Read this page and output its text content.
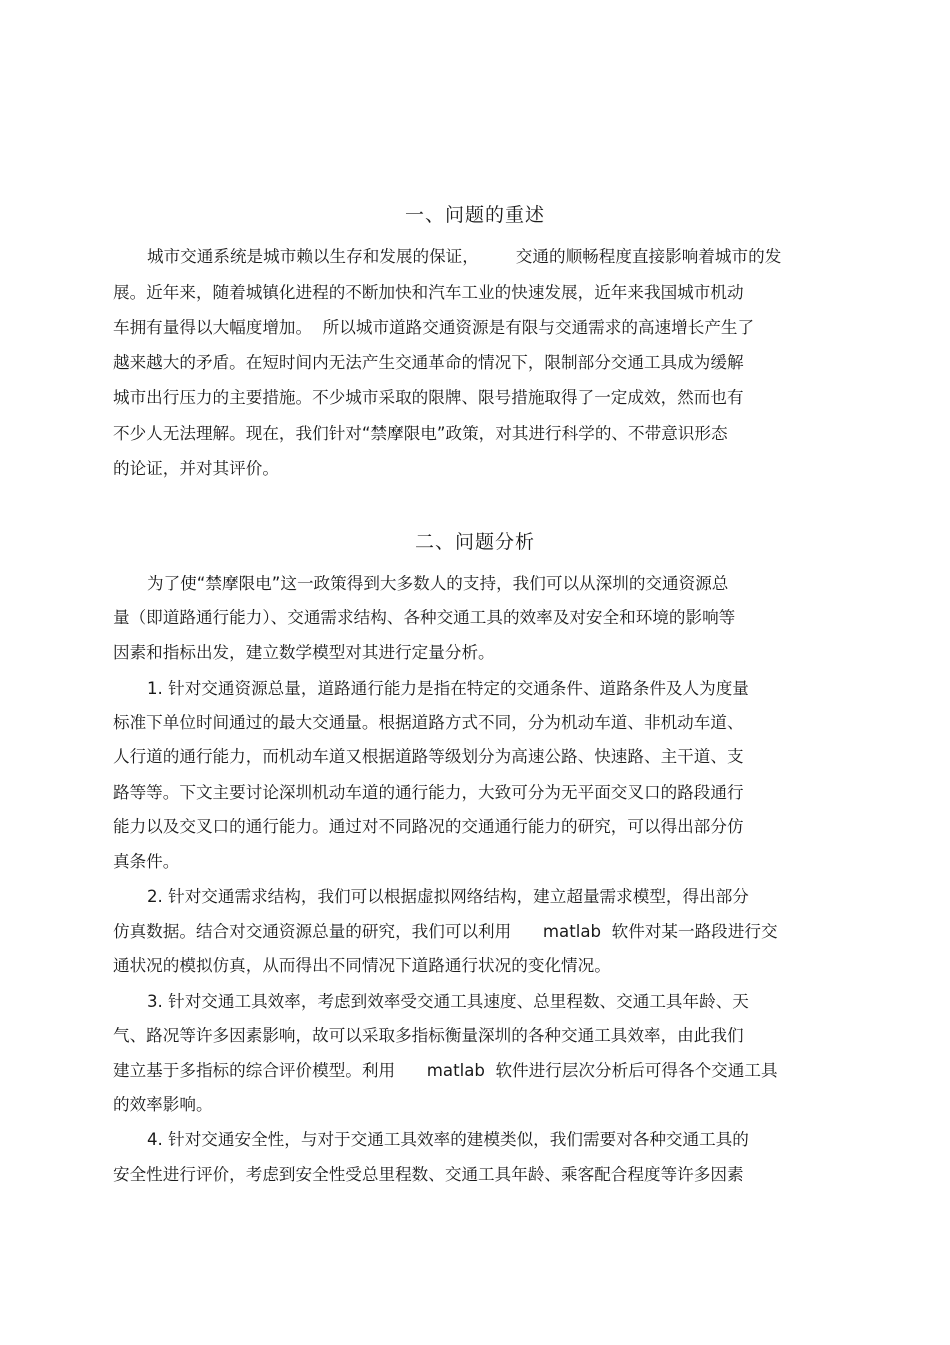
一、问题的重述
城市交通系统是城市赖以生存和发展的保证，       交通的顺畅程度直接影响着城市的发
展。近年来，随着城镇化进程的不断加快和汽车工业的快速发展，近年来我国城市机动
车拥有量得以大幅度增加。  所以城市道路交通资源是有限与交通需求的高速增长产生了
越来越大的矛盾。在短时间内无法产生交通革命的情况下，限制部分交通工具成为缓解
城市出行压力的主要措施。不少城市采取的限牌、限号措施取得了一定成效，然而也有
不少人无法理解。现在，我们针对“禁摩限电”政策，对其进行科学的、不带意识形态
的论证，并对其评价。
二、问题分析
为了使“禁摩限电”这一政策得到大多数人的支持，我们可以从深圳的交通资源总
量（即道路通行能力）、交通需求结构、各种交通工具的效率及对安全和环境的影响等
因素和指标出发，建立数学模型对其进行定量分析。
1. 针对交通资源总量，道路通行能力是指在特定的交通条件、道路条件及人为度量
标准下单位时间通过的最大交通量。根据道路方式不同，分为机动车道、非机动车道、
人行道的通行能力，而机动车道又根据道路等级划分为高速公路、快速路、主干道、支
路等等。下文主要讨论深圳机动车道的通行能力，大致可分为无平面交叉口的路段通行
能力以及交叉口的通行能力。通过对不同路况的交通通行能力的研究，可以得出部分仿
真条件。
2. 针对交通需求结构，我们可以根据虚拟网络结构，建立超量需求模型，得出部分
仿真数据。结合对交通资源总量的研究，我们可以利用      matlab  软件对某一路段进行交
通状况的模拟仿真，从而得出不同情况下道路通行状况的变化情况。
3. 针对交通工具效率，考虑到效率受交通工具速度、总里程数、交通工具年龄、天
气、路况等许多因素影响，故可以采取多指标衡量深圳的各种交通工具效率，由此我们
建立基于多指标的综合评价模型。利用      matlab  软件进行层次分析后可得各个交通工具
的效率影响。
4. 针对交通安全性，与对于交通工具效率的建模类似，我们需要对各种交通工具的
安全性进行评价，考虑到安全性受总里程数、交通工具年龄、乘客配合程度等许多因素
